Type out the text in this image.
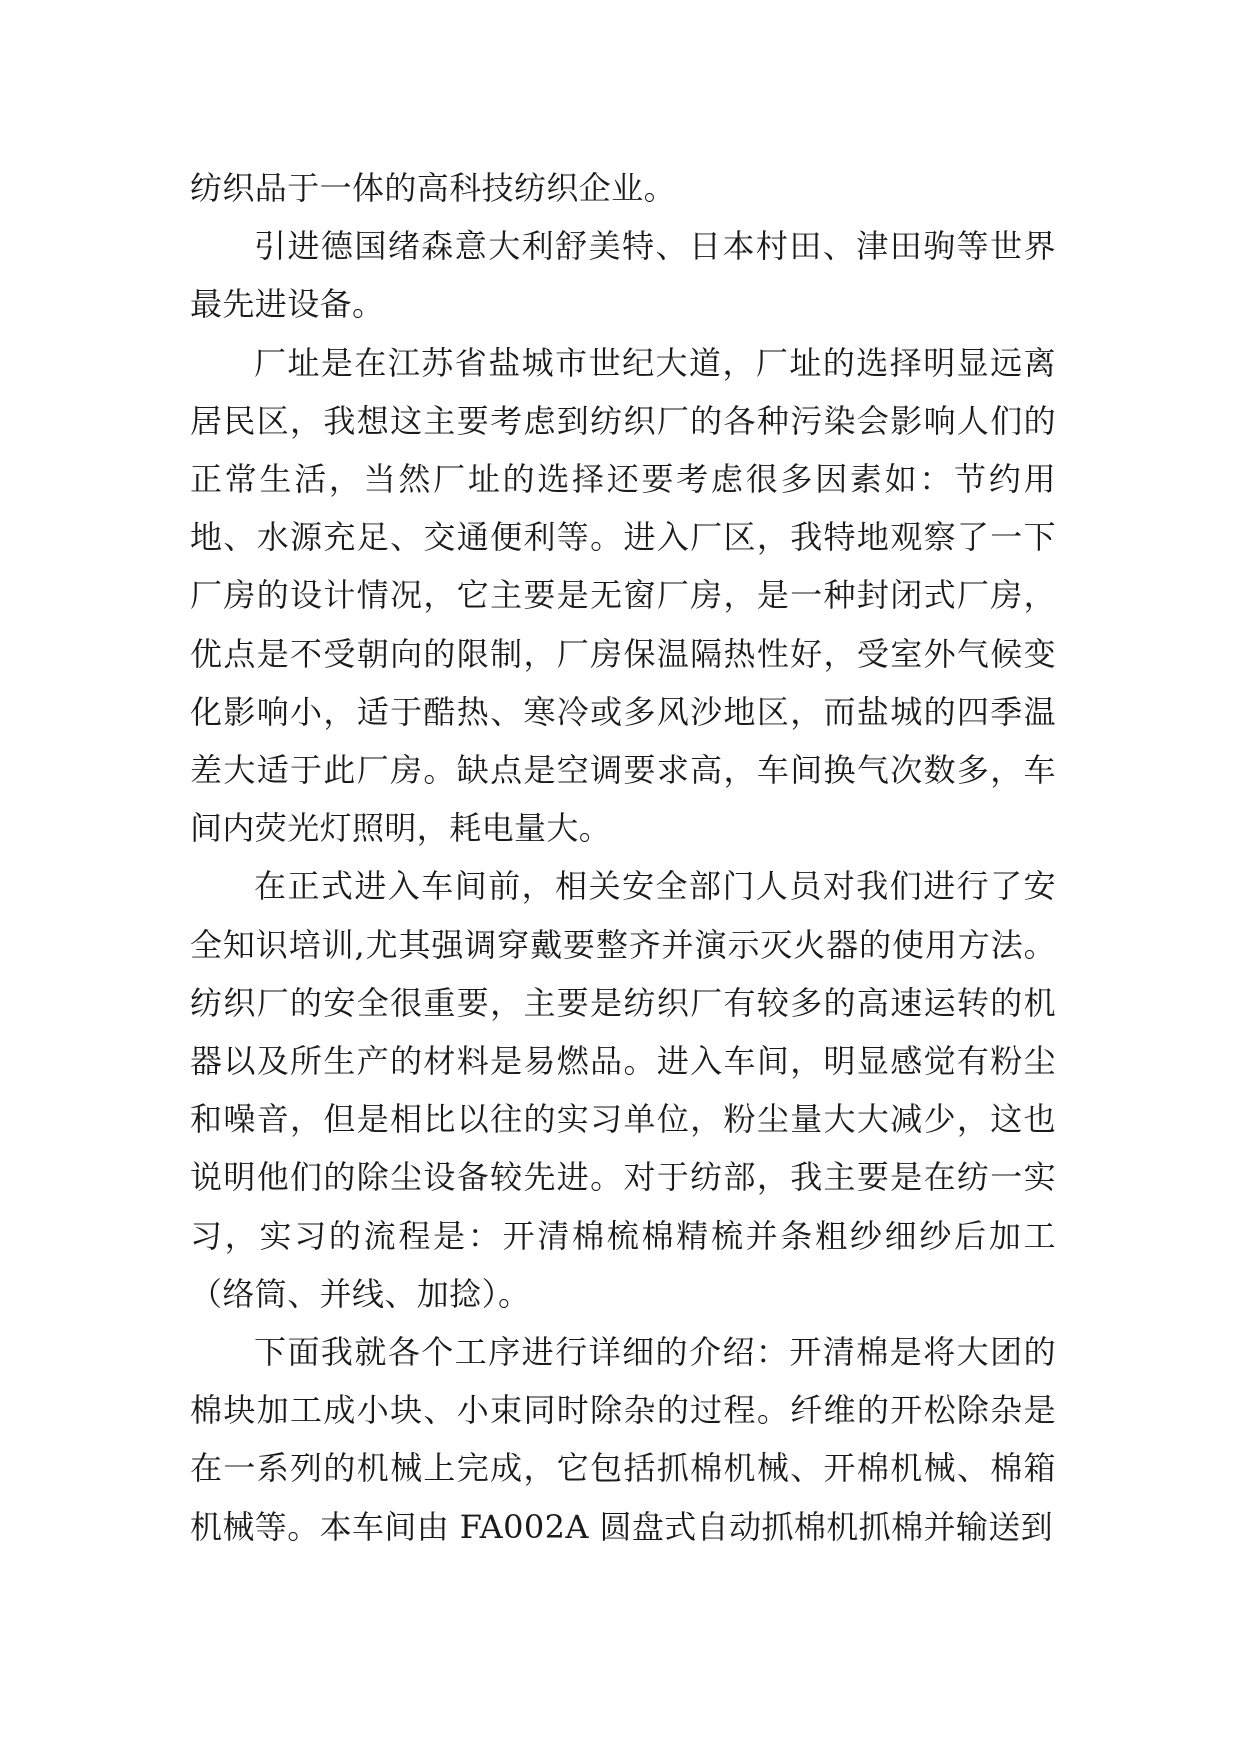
纺织品于一体的高科技纺织企业。

引进德国绪森意大利舒美特、日本村田、津田驹等世界最先进设备。

厂址是在江苏省盐城市世纪大道，厂址的选择明显远离居民区，我想这主要考虑到纺织厂的各种污染会影响人们的正常生活，当然厂址的选择还要考虑很多因素如：节约用地、水源充足、交通便利等。进入厂区，我特地观察了一下厂房的设计情况，它主要是无窗厂房，是一种封闭式厂房，优点是不受朝向的限制，厂房保温隔热性好，受室外气候变化影响小，适于酷热、寒冷或多风沙地区，而盐城的四季温差大适于此厂房。缺点是空调要求高，车间换气次数多，车间内荧光灯照明，耗电量大。

在正式进入车间前，相关安全部门人员对我们进行了安全知识培训,尤其强调穿戴要整齐并演示灭火器的使用方法。纺织厂的安全很重要，主要是纺织厂有较多的高速运转的机器以及所生产的材料是易燃品。进入车间，明显感觉有粉尘和噪音，但是相比以往的实习单位，粉尘量大大减少，这也说明他们的除尘设备较先进。对于纺部，我主要是在纺一实习，实习的流程是：开清棉梳棉精梳并条粗纱细纱后加工（络筒、并线、加捻）。

下面我就各个工序进行详细的介绍：开清棉是将大团的棉块加工成小块、小束同时除杂的过程。纤维的开松除杂是在一系列的机械上完成，它包括抓棉机械、开棉机械、棉箱机械等。本车间由 FA002A 圆盘式自动抓棉机抓棉并输送到
